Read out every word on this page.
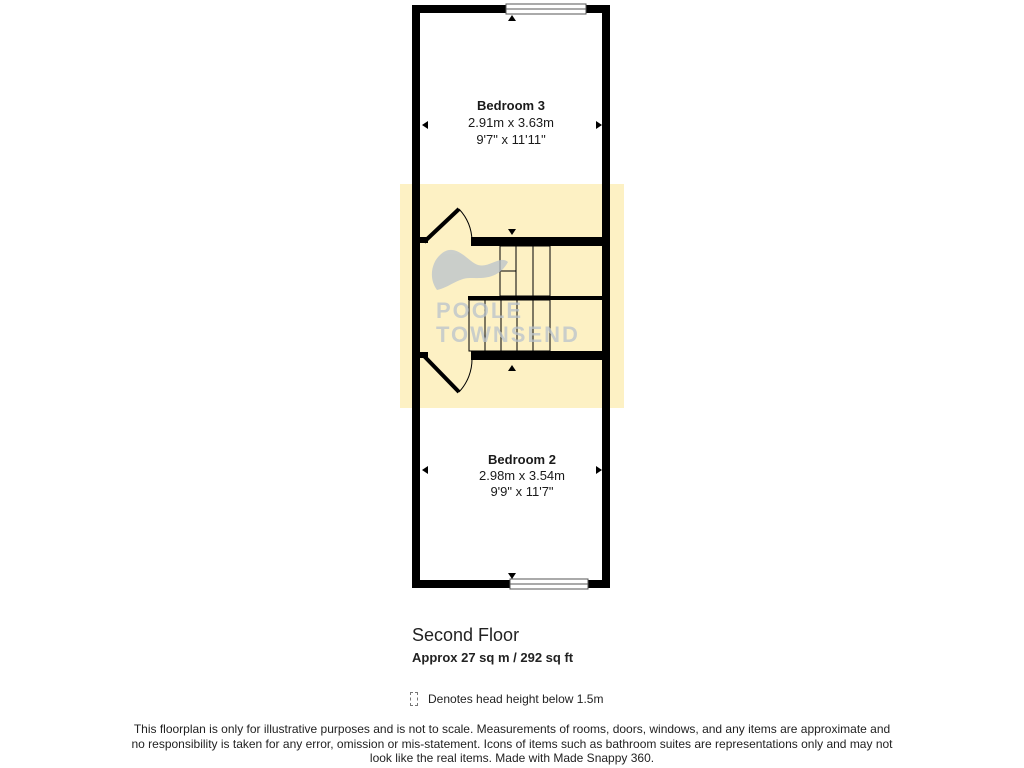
POOLE
TOWNSEND
Bedroom 3
2.91m x 3.63m
9'7" x 11'11"
Bedroom 2
2.98m x 3.54m
9'9" x 11'7"
Second Floor
Approx 27 sq m / 292 sq ft
Denotes head height below 1.5m
This floorplan is only for illustrative purposes and is not to scale. Measurements of rooms, doors, windows, and any items are approximate and no responsibility is taken for any error, omission or mis-statement. Icons of items such as bathroom suites are representations only and may not look like the real items. Made with Made Snappy 360.
